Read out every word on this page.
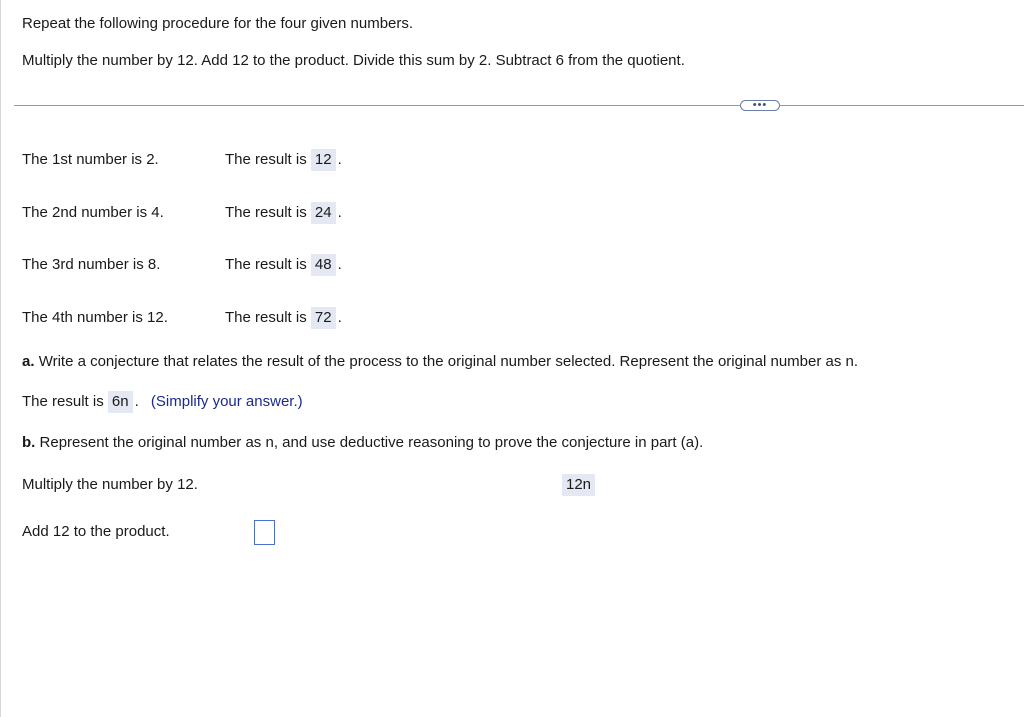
Repeat the following procedure for the four given numbers.
Multiply the number by 12. Add 12 to the product. Divide this sum by 2. Subtract 6 from the quotient.
•••
The 1st number is 2.	The result is 12 .
The 2nd number is 4.	The result is 24 .
The 3rd number is 8.	The result is 48 .
The 4th number is 12.	The result is 72 .
a. Write a conjecture that relates the result of the process to the original number selected. Represent the original number as n.
The result is 6n . (Simplify your answer.)
b. Represent the original number as n, and use deductive reasoning to prove the conjecture in part (a).
Multiply the number by 12.	12n
Add 12 to the product.
